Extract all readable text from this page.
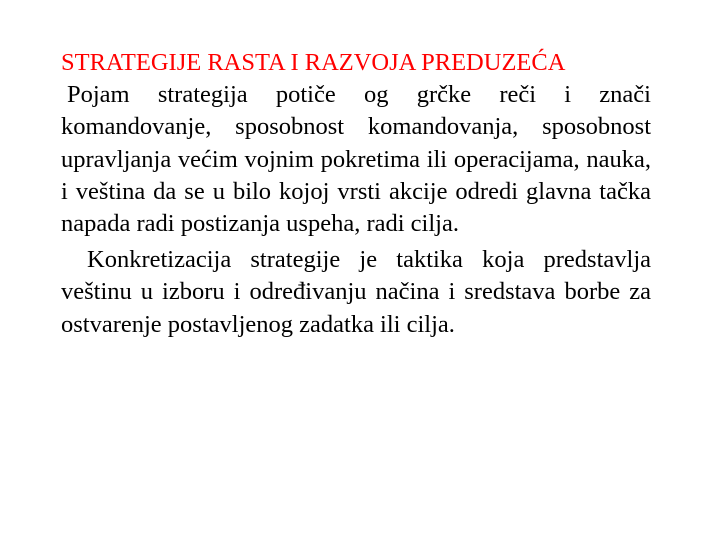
STRATEGIJE RASTA I RAZVOJA PREDUZEĆA

Pojam strategija potiče og grčke reči i znači komandovanje, sposobnost komandovanja, sposobnost upravljanja većim vojnim pokretima ili operacijama, nauka, i veština da se u bilo kojoj vrsti akcije odredi glavna tačka napada radi postizanja uspeha, radi cilja.

Konkretizacija strategije je taktika koja predstavlja veštinu u izboru i određivanju načina i sredstava borbe za ostvarenje postavljenog zadatka ili cilja.
